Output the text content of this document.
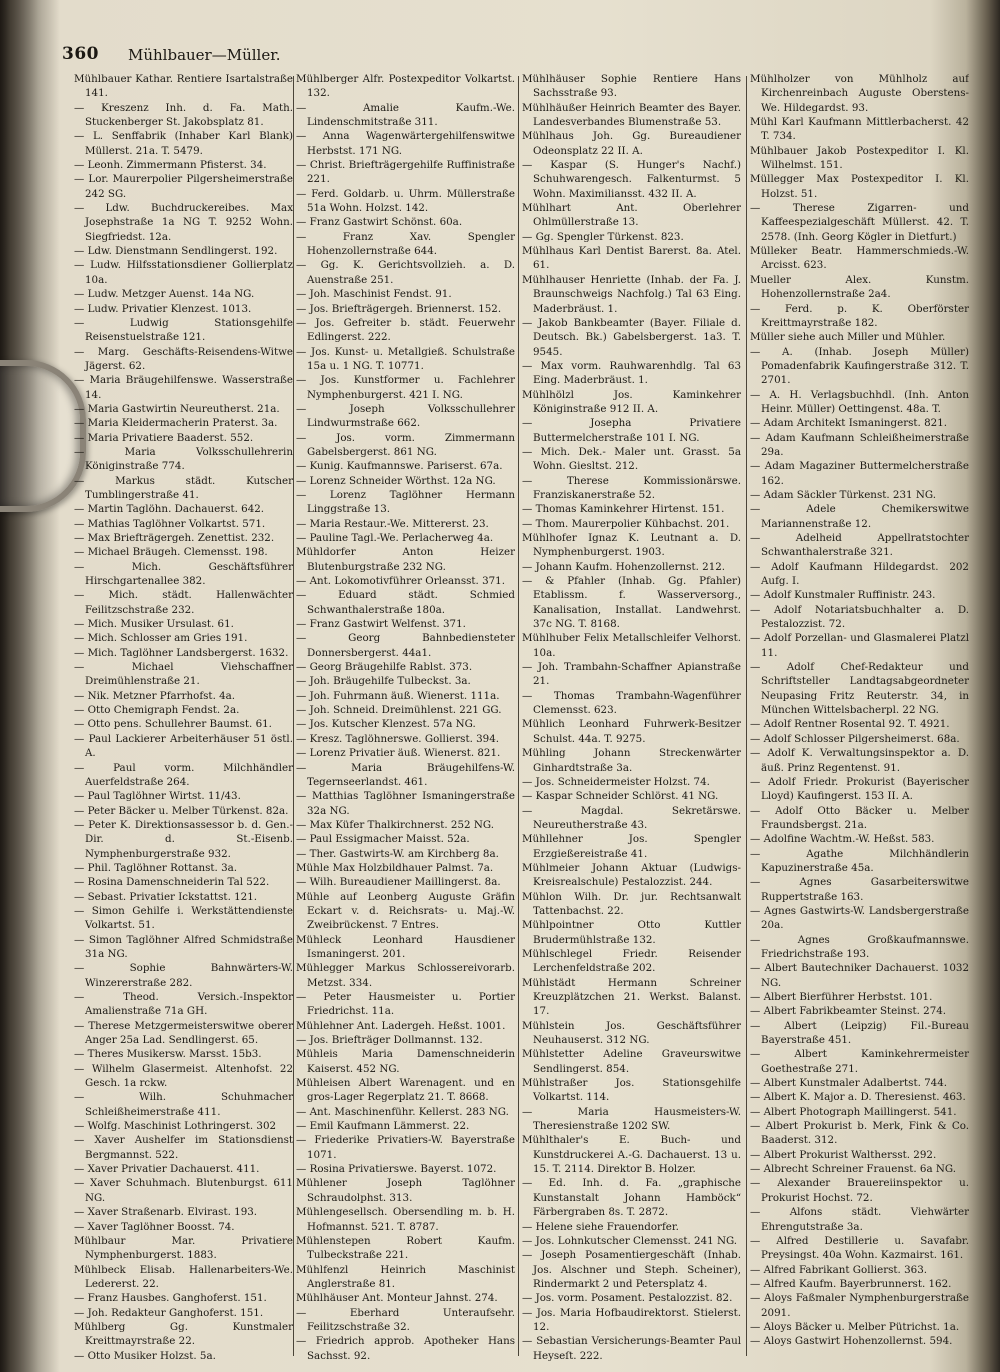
360 Mühlbauer—Müller.

Mühlbauer Kathar. Rentiere Isartalstraße 141.

— Kreszenz Inh. d. Fa. Math. Stuckenberger St. Jakobsplatz 81.

— L. Senffabrik (Inhaber Karl Blank) Müllerst. 21a. T. 5479.

— Leonh. Zimmermann Pfisterst. 34.

— Lor. Maurerpolier Pilgersheimerstraße 242 SG.

— Ldw. Buchdruckereibes. Max Josephstraße 1a NG T. 9252 Wohn. Siegfriedst. 12a.

— Ldw. Dienstmann Sendlingerst. 192.

— Ludw. Hilfsstationsdiener Gollierplatz 10a.

— Ludw. Metzger Auenst. 14a NG.

— Ludw. Privatier Klenzest. 1013.

— Ludwig Stationsgehilfe Reisenstuelstraße 121.

— Marg. Geschäfts-Reisendens-Witwe Jägerst. 62.

— Maria Bräugehilfenswe. Wasserstraße 14.

— Maria Gastwirtin Neureutherst. 21a.

— Maria Kleidermacherin Praterst. 3a.

— Maria Privatiere Baaderst. 552.

— Maria Volksschullehrerin Königinstraße 774.

— Markus städt. Kutscher Tumblingerstraße 41.

— Martin Taglöhn. Dachauerst. 642.

— Mathias Taglöhner Volkartst. 571.

— Max Briefträgergeh. Zenettist. 232.

— Michael Bräugeh. Clemensst. 198.

— Mich. Geschäftsführer Hirschgartenallee 382.

— Mich. städt. Hallenwächter Feilitzschstraße 232.

— Mich. Musiker Ursulast. 61.

— Mich. Schlosser am Gries 191.

— Mich. Taglöhner Landsbergerst. 1632.

— Michael Viehschaffner Dreimühlenstraße 21.

— Nik. Metzner Pfarrhofst. 4a.

— Otto Chemigraph Fendst. 2a.

— Otto pens. Schullehrer Baumst. 61.

— Paul Lackierer Arbeiterhäuser 51 östl. A.

— Paul vorm. Milchhändler Auerfeldstraße 264.

— Paul Taglöhner Wirtst. 11/43.

— Peter Bäcker u. Melber Türkenst. 82a.

— Peter K. Direktionsassessor b. d. Gen.-Dir. d. St.-Eisenb. Nymphenburgerstraße 932.

— Phil. Taglöhner Rottanst. 3a.

— Rosina Damenschneiderin Tal 522.

— Sebast. Privatier Ickstattst. 121.

— Simon Gehilfe i. Werkstättendienste Volkartst. 51.

— Simon Taglöhner Alfred Schmidstraße 31a NG.

— Sophie Bahnwärters-W. Winzererstraße 282.

— Theod. Versich.-Inspektor Amalienstraße 71a GH.

— Therese Metzgermeisterswitwe oberer Anger 25a Lad. Sendlingerst. 65.

— Theres Musikersw. Marsst. 15b3.

— Wilhelm Glasermeist. Altenhofst. 22 Gesch. 1a rckw.

— Wilh. Schuhmacher Schleißheimerstraße 411.

— Wolfg. Maschinist Lothringerst. 302

— Xaver Aushelfer im Stationsdienst Bergmannst. 522.

— Xaver Privatier Dachauerst. 411.

— Xaver Schuhmach. Blutenburgst. 611 NG.

— Xaver Straßenarb. Elvirast. 193.

— Xaver Taglöhner Boosst. 74.

Mühlbaur Mar. Privatiere Nymphenburgerst. 1883.

Mühlbeck Elisab. Hallenarbeiters-We. Ledererst. 22.

— Franz Hausbes. Ganghoferst. 151.

— Joh. Redakteur Ganghoferst. 151.

Mühlberg Gg. Kunstmaler Kreittmayrstraße 22.

— Otto Musiker Holzst. 5a.

Mühlberger Alfr. Postexpeditor Volkartst. 132.

— Amalie Kaufm.-We. Lindenschmitstraße 311.

— Anna Wagenwärtergehilfenswitwe Herbstst. 171 NG.

— Christ. Briefträgergehilfe Ruffinistraße 221.

— Ferd. Goldarb. u. Uhrm. Müllerstraße 51a Wohn. Holzst. 142.

— Franz Gastwirt Schönst. 60a.

— Franz Xav. Spengler Hohenzollernstraße 644.

— Gg. K. Gerichtsvollzieh. a. D. Auenstraße 251.

— Joh. Maschinist Fendst. 91.

— Jos. Briefträgergeh. Briennerst. 152.

— Jos. Gefreiter b. städt. Feuerwehr Edlingerst. 222.

— Jos. Kunst- u. Metallgieß. Schulstraße 15a u. 1 NG. T. 10771.

— Jos. Kunstformer u. Fachlehrer Nymphenburgerst. 421 I. NG.

— Joseph Volksschullehrer Lindwurmstraße 662.

— Jos. vorm. Zimmermann Gabelsbergerst. 861 NG.

— Kunig. Kaufmannswe. Pariserst. 67a.

— Lorenz Schneider Wörthst. 12a NG.

— Lorenz Taglöhner Hermann Linggstraße 13.

— Maria Restaur.-We. Mittererst. 23.

— Pauline Tagl.-We. Perlacherweg 4a.

Mühldorfer Anton Heizer Blutenburgstraße 232 NG.

— Ant. Lokomotivführer Orleansst. 371.

— Eduard städt. Schmied Schwanthalerstraße 180a.

— Franz Gastwirt Welfenst. 371.

— Georg Bahnbediensteter Donnersbergerst. 44a1.

— Georg Bräugehilfe Rablst. 373.

— Joh. Bräugehilfe Tulbeckst. 3a.

— Joh. Fuhrmann äuß. Wienerst. 111a.

— Joh. Schneid. Dreimühlenst. 221 GG.

— Jos. Kutscher Klenzest. 57a NG.

— Kresz. Taglöhnerswe. Gollierst. 394.

— Lorenz Privatier äuß. Wienerst. 821.

— Maria Bräugehilfens-W. Tegernseerlandst. 461.

— Matthias Taglöhner Ismaningerstraße 32a NG.

— Max Küfer Thalkirchnerst. 252 NG.

— Paul Essigmacher Maisst. 52a.

— Ther. Gastwirts-W. am Kirchberg 8a.

Mühle Max Holzbildhauer Palmst. 7a.

— Wilh. Bureaudiener Maillingerst. 8a.

Mühle auf Leonberg Auguste Gräfin Eckart v. d. Reichsrats- u. Maj.-W. Zweibrückenst. 7 Entres.

Mühleck Leonhard Hausdiener Ismaningerst. 201.

Mühlegger Markus Schlossereivorarb. Metzst. 334.

— Peter Hausmeister u. Portier Friedrichst. 11a.

Mühlehner Ant. Ladergeh. Heßst. 1001.

— Jos. Briefträger Dollmannst. 132.

Mühleis Maria Damenschneiderin Kaiserst. 452 NG.

Mühleisen Albert Warenagent. und en gros-Lager Regerplatz 21. T. 8668.

— Ant. Maschinenführ. Kellerst. 283 NG.

— Emil Kaufmann Lämmerst. 22.

— Friederike Privatiers-W. Bayerstraße 1071.

— Rosina Privatierswe. Bayerst. 1072.

Mühlener Joseph Taglöhner Schraudolphst. 313.

Mühlengesellsch. Obersendling m. b. H. Hofmannst. 521. T. 8787.

Mühlenstepen Robert Kaufm. Tulbeckstraße 221.

Mühlfenzl Heinrich Maschinist Anglerstraße 81.

Mühlhäuser Ant. Monteur Jahnst. 274.

— Eberhard Unteraufsehr. Feilitzschstraße 32.

— Friedrich approb. Apotheker Hans Sachsst. 92.

Mühlhäuser Sophie Rentiere Hans Sachsstraße 93.

Mühlhäußer Heinrich Beamter des Bayer. Landesverbandes Blumenstraße 53.

Mühlhaus Joh. Gg. Bureaudiener Odeonsplatz 22 II. A.

— Kaspar (S. Hunger's Nachf.) Schuhwarengesch. Falkenturmst. 5 Wohn. Maximiliansst. 432 II. A.

Mühlhart Ant. Oberlehrer Ohlmüllerstraße 13.

— Gg. Spengler Türkenst. 823.

Mühlhaus Karl Dentist Barerst. 8a. Atel. 61.

Mühlhauser Henriette (Inhab. der Fa. J. Braunschweigs Nachfolg.) Tal 63 Eing. Maderbräust. 1.

— Jakob Bankbeamter (Bayer. Filiale d. Deutsch. Bk.) Gabelsbergerst. 1a3. T. 9545.

— Max vorm. Rauhwarenhdlg. Tal 63 Eing. Maderbräust. 1.

Mühlhölzl Jos. Kaminkehrer Königinstraße 912 II. A.

— Josepha Privatiere Buttermelcherstraße 101 I. NG.

— Mich. Dek.- Maler unt. Grasst. 5a Wohn. Giesltst. 212.

— Therese Kommissionärswe. Franziskanerstraße 52.

— Thomas Kaminkehrer Hirtenst. 151.

— Thom. Maurerpolier Kühbachst. 201.

Mühlhofer Ignaz K. Leutnant a. D. Nymphenburgerst. 1903.

— Johann Kaufm. Hohenzollernst. 212.

— & Pfahler (Inhab. Gg. Pfahler) Etablissm. f. Wasserversorg., Kanalisation, Installat. Landwehrst. 37c NG. T. 8168.

Mühlhuber Felix Metallschleifer Velhorst. 10a.

— Joh. Trambahn-Schaffner Apianstraße 21.

— Thomas Trambahn-Wagenführer Clemensst. 623.

Mühlich Leonhard Fuhrwerk-Besitzer Schulst. 44a. T. 9275.

Mühling Johann Streckenwärter Ginhardtstraße 3a.

— Jos. Schneidermeister Holzst. 74.

— Kaspar Schneider Schlörst. 41 NG.

— Magdal. Sekretärswe. Neureutherstraße 43.

Mühllehner Jos. Spengler Erzgießereistraße 41.

Mühlmeier Johann Aktuar (Ludwigs-Kreisrealschule) Pestalozzist. 244.

Mühlon Wilh. Dr. jur. Rechtsanwalt Tattenbachst. 22.

Mühlpointner Otto Kuttler Brudermühlstraße 132.

Mühlschlegel Friedr. Reisender Lerchenfeldstraße 202.

Mühlstädt Hermann Schreiner Kreuzplätzchen 21. Werkst. Balanst. 17.

Mühlstein Jos. Geschäftsführer Neuhauserst. 312 NG.

Mühlstetter Adeline Graveurswitwe Sendlingerst. 854.

Mühlstraßer Jos. Stationsgehilfe Volkartst. 114.

— Maria Hausmeisters-W. Theresienstraße 1202 SW.

Mühlthaler's E. Buch- und Kunstdruckerei A.-G. Dachauerst. 13 u. 15. T. 2114. Direktor B. Holzer.

— Ed. Inh. d. Fa. „graphische Kunstanstalt Johann Hamböck“ Färbergraben 8s. T. 2872.

— Helene siehe Frauendorfer.

— Jos. Lohnkutscher Clemensst. 241 NG.

— Joseph Posamentiergeschäft (Inhab. Jos. Alschner und Steph. Scheiner), Rindermarkt 2 und Petersplatz 4.

— Jos. vorm. Posament. Pestalozzist. 82.

— Jos. Maria Hofbaudirektorst. Stielerst. 12.

— Sebastian Versicherungs-Beamter Paul Heyseſt. 222.

Mühlholzer von Mühlholz auf Kirchenreinbach Auguste Oberstens-We. Hildegardst. 93.

Mühl Karl Kaufmann Mittlerbacherst. 42 T. 734.

Mühlbauer Jakob Postexpeditor I. Kl. Wilhelmst. 151.

Müllegger Max Postexpeditor I. Kl. Holzst. 51.

— Therese Zigarren- und Kaffeespezialgeschäft Müllerst. 42. T. 2578. (Inh. Georg Kögler in Dietfurt.)

Mülleker Beatr. Hammerschmieds.-W. Arcisst. 623.

Mueller Alex. Kunstm. Hohenzollernstraße 2a4.

— Ferd. p. K. Oberförster Kreittmayrstraße 182.

Müller siehe auch Miller und Mühler.

— A. (Inhab. Joseph Müller) Pomadenfabrik Kaufingerstraße 312. T. 2701.

— A. H. Verlagsbuchhdl. (Inh. Anton Heinr. Müller) Oettingenst. 48a. T.

— Adam Architekt Ismaningerst. 821.

— Adam Kaufmann Schleißheimerstraße 29a.

— Adam Magaziner Buttermelcherstraße 162.

— Adam Säckler Türkenst. 231 NG.

— Adele Chemikerswitwe Mariannenstraße 12.

— Adelheid Appellratstochter Schwanthalerstraße 321.

— Adolf Kaufmann Hildegardst. 202 Aufg. I.

— Adolf Kunstmaler Ruffinistr. 243.

— Adolf Notariatsbuchhalter a. D. Pestalozzist. 72.

— Adolf Porzellan- und Glasmalerei Platzl 11.

— Adolf Chef-Redakteur und Schriftsteller Landtagsabgeordneter Neupasing Fritz Reuterstr. 34, in München Wittelsbacherpl. 22 NG.

— Adolf Rentner Rosental 92. T. 4921.

— Adolf Schlosser Pilgersheimerst. 68a.

— Adolf K. Verwaltungsinspektor a. D. äuß. Prinz Regentenst. 91.

— Adolf Friedr. Prokurist (Bayerischer Lloyd) Kaufingerst. 153 II. A.

— Adolf Otto Bäcker u. Melber Fraundsbergst. 21a.

— Adolfine Wachtm.-W. Heßst. 583.

— Agathe Milchhändlerin Kapuzinerstraße 45a.

— Agnes Gasarbeiterswitwe Ruppertstraße 163.

— Agnes Gastwirts-W. Landsbergerstraße 20a.

— Agnes Großkaufmannswe. Friedrichstraße 193.

— Albert Bautechniker Dachauerst. 1032 NG.

— Albert Bierführer Herbstst. 101.

— Albert Fabrikbeamter Steinst. 274.

— Albert (Leipzig) Fil.-Bureau Bayerstraße 451.

— Albert Kaminkehrermeister Goethestraße 271.

— Albert Kunstmaler Adalbertst. 744.

— Albert K. Major a. D. Theresienst. 463.

— Albert Photograph Maillingerst. 541.

— Albert Prokurist b. Merk, Fink & Co. Baaderst. 312.

— Albert Prokurist Walthersst. 292.

— Albrecht Schreiner Frauenst. 6a NG.

— Alexander Brauereiinspektor u. Prokurist Hochst. 72.

— Alfons städt. Viehwärter Ehrengutstraße 3a.

— Alfred Destillerie u. Savafabr. Preysingst. 40a Wohn. Kazmairst. 161.

— Alfred Fabrikant Gollierst. 363.

— Alfred Kaufm. Bayerbrunnerst. 162.

— Aloys Faßmaler Nymphenburgerstraße 2091.

— Aloys Bäcker u. Melber Pütrichst. 1a.

— Aloys Gastwirt Hohenzollernst. 594.
